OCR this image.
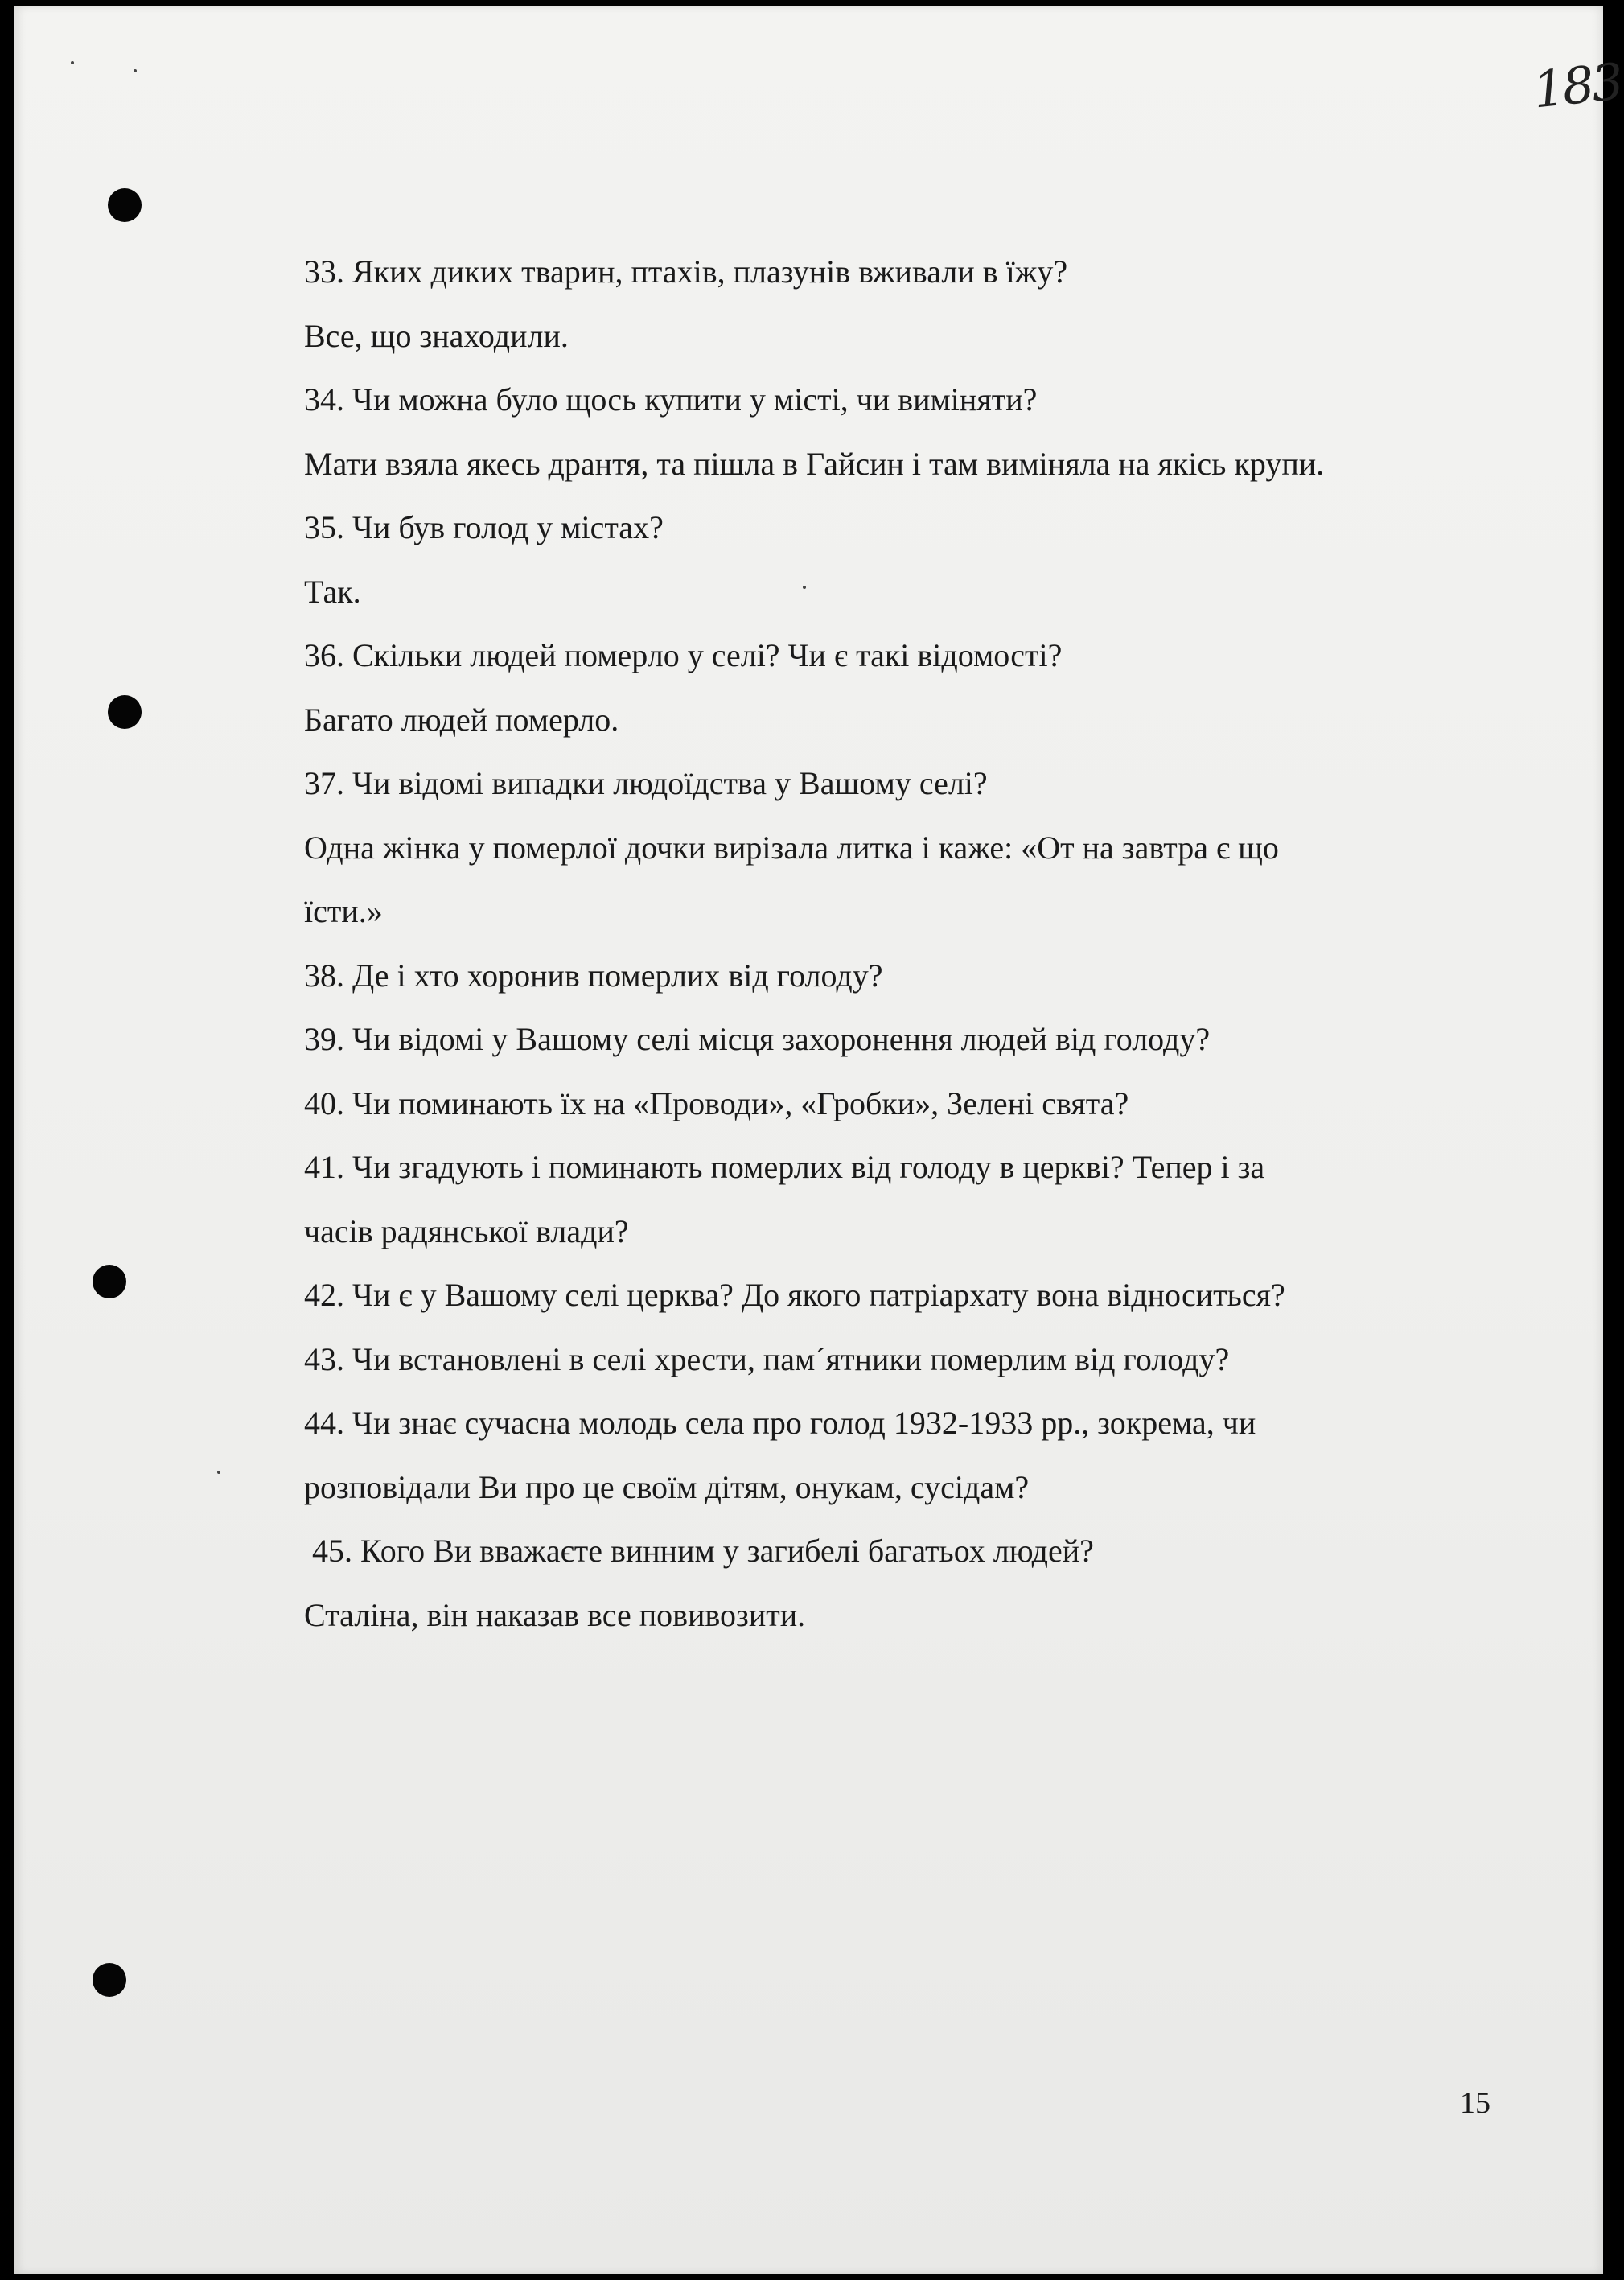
183
33. Яких диких тварин, птахів, плазунів вживали в їжу?
Все, що знаходили.
34. Чи можна було щось купити у місті, чи виміняти?
Мати взяла якесь дрантя, та пішла в Гайсин і там виміняла на якісь крупи.
35. Чи був голод у містах?
Так.
36. Скільки людей померло у селі? Чи є такі відомості?
Багато людей померло.
37. Чи відомі випадки людоїдства у Вашому селі?
Одна жінка у померлої дочки вирізала литка і каже: «От на завтра є що
їсти.»
38. Де і хто хоронив померлих від голоду?
39. Чи відомі у Вашому селі місця захоронення людей від голоду?
40. Чи поминають їх на «Проводи», «Гробки», Зелені свята?
41. Чи згадують і поминають померлих від голоду в церкві? Тепер і за
часів радянської влади?
42. Чи є у Вашому селі церква? До якого патріархату вона відноситься?
43. Чи встановлені в селі хрести, пам´ятники померлим від голоду?
44. Чи знає сучасна молодь села про голод 1932-1933 рр., зокрема, чи
розповідали Ви про це своїм дітям, онукам, сусідам?
45. Кого Ви вважаєте винним у загибелі багатьох людей?
Сталіна, він наказав все повивозити.
15
